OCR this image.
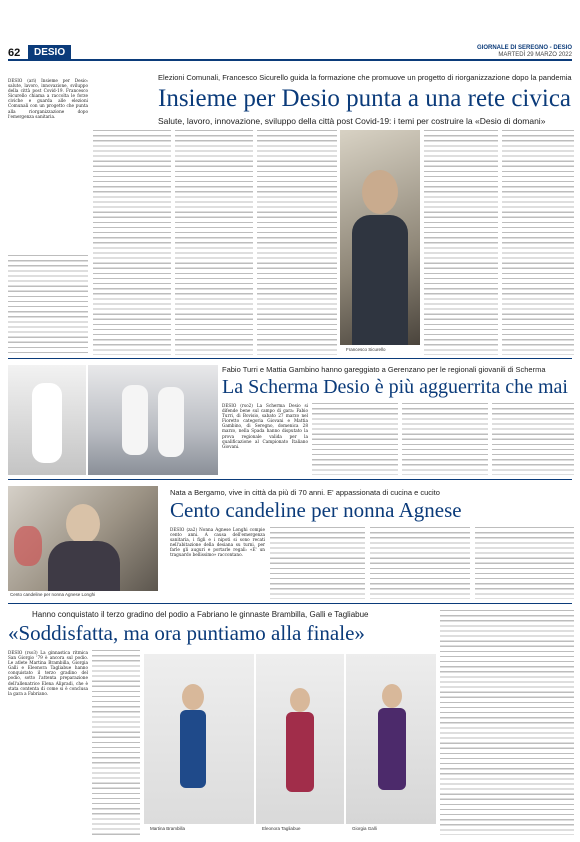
62	DESIO	GIORNALE DI SEREGNO - DESIO
MARTEDÌ 29 MARZO 2022
Elezioni Comunali, Francesco Sicurello guida la formazione che promuove un progetto di riorganizzazione dopo la pandemia
Insieme per Desio punta a una rete civica
Salute, lavoro, innovazione, sviluppo della città post Covid-19: i temi per costruire la «Desio di domani»
DESIO (ari) Insieme per Desio: salute, lavoro, innovazione, sviluppo della città post Covid-19. Francesco Sicurello chiama a raccolta le forze civiche e guarda alle elezioni Comunali con un progetto che punta alla riorganizzazione dopo l'emergenza sanitaria.
Francesco Sicurello
Fabio Turri e Mattia Gambino hanno gareggiato a Gerenzano per le regionali giovanili di Scherma
La Scherma Desio è più agguerrita che mai
DESIO (rso2) La Scherma Desio si difende bene sul campo di gara: Fabio Turri, di Bovisio, sabato 27 marzo nel Fioretto categoria Giovani e Mattia Gambino, di Seregno, domenica 28 marzo, nella Spada hanno disputato la prova regionale valida per la qualificazione al Campionato Italiano Giovani.
Cento candeline per nonna Agnese Longhi
Nata a Bergamo, vive in città da più di 70 anni. E' appassionata di cucina e cucito
Cento candeline per nonna Agnese
DESIO (za2) Nonna Agnese Longhi compie cento anni. A causa dell'emergenza sanitaria, i figli e i nipoti si sono recati nell'abitazione della desiana su turni, per farle gli auguri e portarle regali: «E' un traguardo bellissimo» raccontano.
Hanno conquistato il terzo gradino del podio a Fabriano le ginnaste Brambilla, Galli e Tagliabue
«Soddisfatta, ma ora puntiamo alla finale»
DESIO (rso3) La ginnastica ritmica San Giorgio '79 è ancora sul podio. Le atlete Martina Brambilla, Giorgia Galli e Eleonora Tagliabue hanno conquistato il terzo gradino del podio, sotto l'attenta preparazione dell'allenatrice Elena Alipradi, che è stata contenta di come si è conclusa la gara a Fabriano.
Martina Brambilla	Eleonora Tagliabue	Giorgia Galli
